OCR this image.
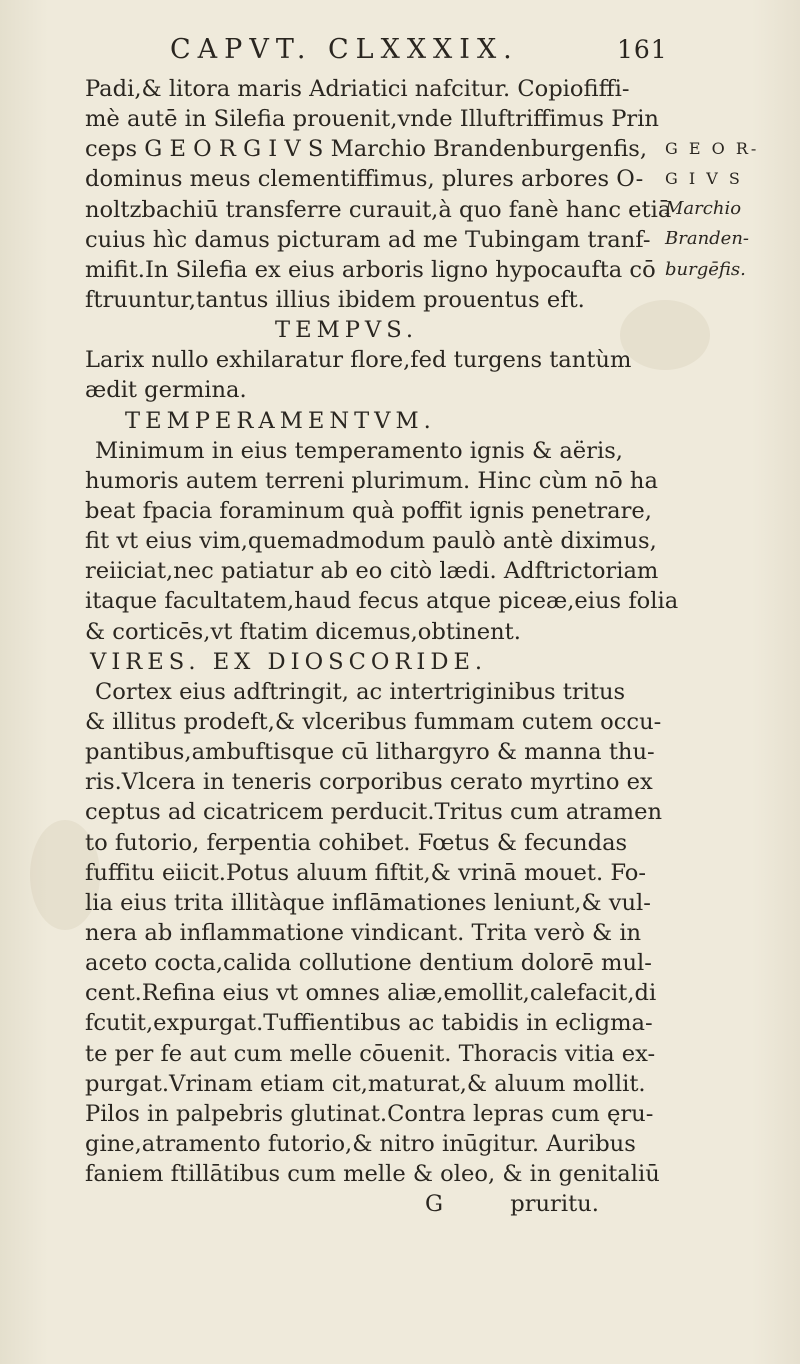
CAPVT. CLXXXIX.	161
Padi,& litora maris Adriatici nafcitur. Copiofiffi-
mè autē in Silefia prouenit,vnde Illuftriffimus Prin
ceps G E O R G I V S Marchio Brandenburgenfis,
dominus meus clementiffimus, plures arbores O-
noltzbachiū transferre curauit,à quo fanè hanc etiā
cuius hìc damus picturam ad me Tubingam tranf-
mifit.In Silefia ex eius arboris ligno hypocaufta cō
ftruuntur,tantus illius ibidem prouentus eft.
TEMPVS.
Larix nullo exhilaratur flore,fed turgens tantùm
ædit germina.
TEMPERAMENTVM.
Minimum in eius temperamento ignis & aëris,
humoris autem terreni plurimum. Hinc cùm nō ha
beat fpacia foraminum quà poffit ignis penetrare,
fit vt eius vim,quemadmodum paulò antè diximus,
reiiciat,nec patiatur ab eo citò lædi. Adftrictoriam
itaque facultatem,haud fecus atque piceæ,eius folia
& corticēs,vt ftatim dicemus,obtinent.
VIRES. EX DIOSCORIDE.
Cortex eius adftringit, ac intertriginibus tritus
& illitus prodeft,& vlceribus fummam cutem occu-
pantibus,ambuftisque cū lithargyro & manna thu-
ris.Vlcera in teneris corporibus cerato myrtino ex
ceptus ad cicatricem perducit.Tritus cum atramen
to futorio, ferpentia cohibet. Fœtus & fecundas
fuffitu eiicit.Potus aluum fiftit,& vrinā mouet. Fo-
lia eius trita illitàque inflāmationes leniunt,& vul-
nera ab inflammatione vindicant. Trita verò & in
aceto cocta,calida collutione dentium dolorē mul-
cent.Refina eius vt omnes aliæ,emollit,calefacit,di
fcutit,expurgat.Tuffientibus ac tabidis in ecligma-
te per fe aut cum melle cōuenit. Thoracis vitia ex-
purgat.Vrinam etiam cit,maturat,& aluum mollit.
Pilos in palpebris glutinat.Contra lepras cum ęru-
gine,atramento futorio,& nitro inūgitur. Auribus
faniem ftillātibus cum melle & oleo, & in genitaliū
G pruritu.
G E O R-
G I V S
Marchio
Branden-
burgēfis.
